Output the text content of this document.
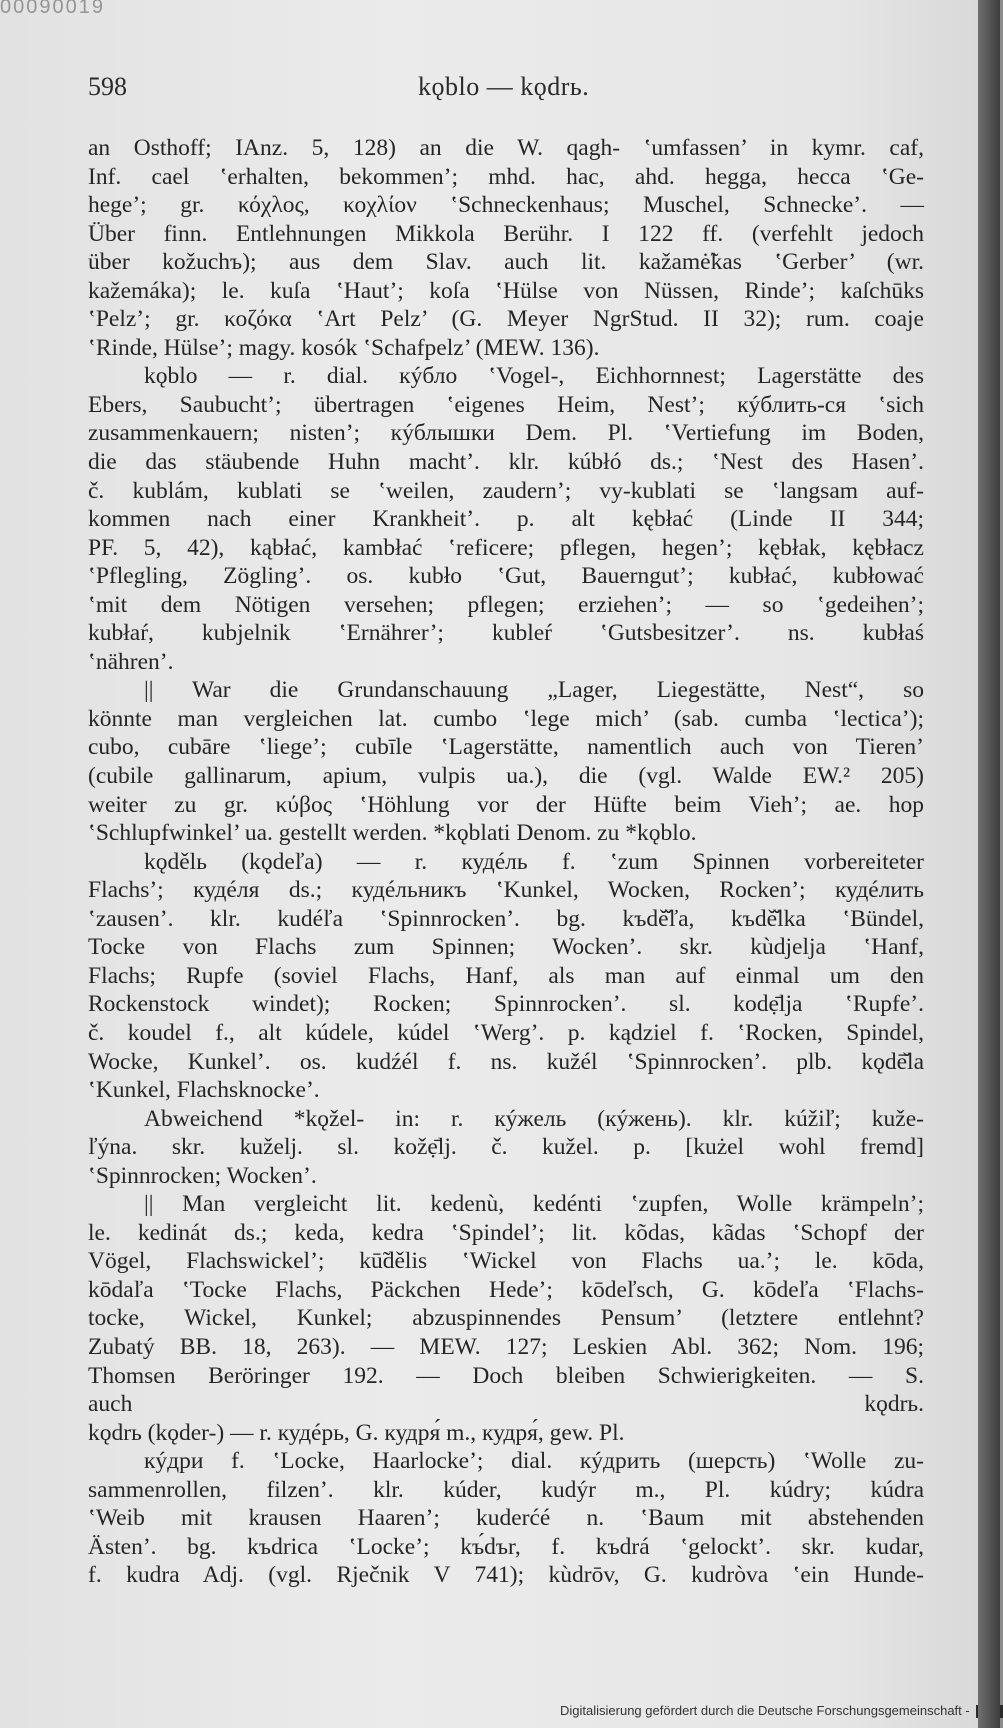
00090019
598	kǫblo — kǫdrь.
an Osthoff; IAnz. 5, 128) an die W. qagh- ʽumfassen’ in kymr. caf,
Inf. cael ʽerhalten, bekommen’; mhd. hac, ahd. hegga, hecca ʽGe-
hege’; gr. κόχλος, κοχλίον ʽSchneckenhaus; Muschel, Schnecke’. —
Über finn. Entlehnungen Mikkola Berühr. I 122 ff. (verfehlt jedoch
über kožuchъ); aus dem Slav. auch lit. kažamė̃kas ʽGerber’ (wr.
kažemáka); le. kuſa ʽHaut’; koſa ʽHülse von Nüssen, Rinde’; kaſchūks
ʽPelz’; gr. κοζόκα ʽArt Pelz’ (G. Meyer NgrStud. II 32); rum. coaje
ʽRinde, Hülse’; magy. kosók ʽSchafpelz’ (MEW. 136).
kǫblo — r. dial. кýбло ʽVogel-, Eichhornnest; Lagerstätte des
Ebers, Saubucht’; übertragen ʽeigenes Heim, Nest’; кýблить-ся ʽsich
zusammenkauern; nisten’; кýблышки Dem. Pl. ʽVertiefung im Boden,
die das stäubende Huhn macht’. klr. kúbłó ds.; ʽNest des Hasen’.
č. kublám, kublati se ʽweilen, zaudern’; vy-kublati se ʽlangsam auf-
kommen nach einer Krankheit’. p. alt kębłać (Linde II 344;
PF. 5, 42), kąbłać, kambłać ʽreficere; pflegen, hegen’; kębłak, kębłacz
ʽPflegling, Zögling’. os. kubło ʽGut, Bauerngut’; kubłać, kubłować
ʽmit dem Nötigen versehen; pflegen; erziehen’; — so ʽgedeihen’;
kubłaŕ, kubjelnik ʽErnährer’; kubleŕ ʽGutsbesitzer’. ns. kubłaś
ʽnähren’.
|| War die Grundanschauung „Lager, Liegestätte, Nest“, so
könnte man vergleichen lat. cumbo ʽlege mich’ (sab. cumba ʽlectica’);
cubo, cubāre ʽliege’; cubīle ʽLagerstätte, namentlich auch von Tieren’
(cubile gallinarum, apium, vulpis ua.), die (vgl. Walde EW.² 205)
weiter zu gr. κύβος ʽHöhlung vor der Hüfte beim Vieh’; ae. hop
ʽSchlupfwinkel’ ua. gestellt werden. *kǫblati Denom. zu *kǫblo.
kǫdělь (kǫdeľa) — r. кудéль f. ʽzum Spinnen vorbereiteter
Flachs’; кудéля ds.; кудéльникъ ʽKunkel, Wocken, Rocken’; кудéлить
ʽzausen’. klr. kudéľa ʽSpinnrocken’. bg. kъdě̌ľa, kъdě̌lka ʽBündel,
Tocke von Flachs zum Spinnen; Wocken’. skr. kùdjelja ʽHanf,
Flachs; Rupfe (soviel Flachs, Hanf, als man auf einmal um den
Rockenstock windet); Rocken; Spinnrocken’. sl. kodẹ̄lja ʽRupfe’.
č. koudel f., alt kúdele, kúdel ʽWerg’. p. kądziel f. ʽRocken, Spindel,
Wocke, Kunkel’. os. kudźél f. ns. kužél ʽSpinnrocken’. plb. kǫdē̌la
ʽKunkel, Flachsknocke’.
Abweichend *kǫžel- in: r. кýжель (кýжень). klr. kúžiľ; kuže-
ľýna. skr. kuželj. sl. kožẹ̄lj. č. kužel. p. [kużel wohl fremd]
ʽSpinnrocken; Wocken’.
|| Man vergleicht lit. kedenù, kedénti ʽzupfen, Wolle krämpeln’;
le. kedinát ds.; keda, kedra ʽSpindel’; lit. kõdas, kãdas ʽSchopf der
Vögel, Flachswickel’; kū̃dělis ʽWickel von Flachs ua.’; le. kōda,
kōdaľa ʽTocke Flachs, Päckchen Hede’; kōdeľsch, G. kōdeľa ʽFlachs-
tocke, Wickel, Kunkel; abzuspinnendes Pensum’ (letztere entlehnt?
Zubatý BB. 18, 263). — MEW. 127; Leskien Abl. 362; Nom. 196;
Thomsen Beröringer 192. — Doch bleiben Schwierigkeiten. — S.
auch kǫdrь.
kǫdrь (kǫder-) — r. кудéрь, G. кудря́ m., кудря́, gew. Pl.
кýдри f. ʽLocke, Haarlocke’; dial. кýдрить (шерсть) ʽWolle zu-
sammenrollen, filzen’. klr. kúder, kudýr m., Pl. kúdry; kúdra
ʽWeib mit krausen Haaren’; kuderćé n. ʽBaum mit abstehenden
Ästen’. bg. kъdrica ʽLocke’; kъ́dъr, f. kъdrá ʽgelockt’. skr. kudar,
f. kudra Adj. (vgl. Rječnik V 741); kùdrōv, G. kudròva ʽein Hunde-
Digitalisierung gefördert durch die Deutsche Forschungsgemeinschaft -
